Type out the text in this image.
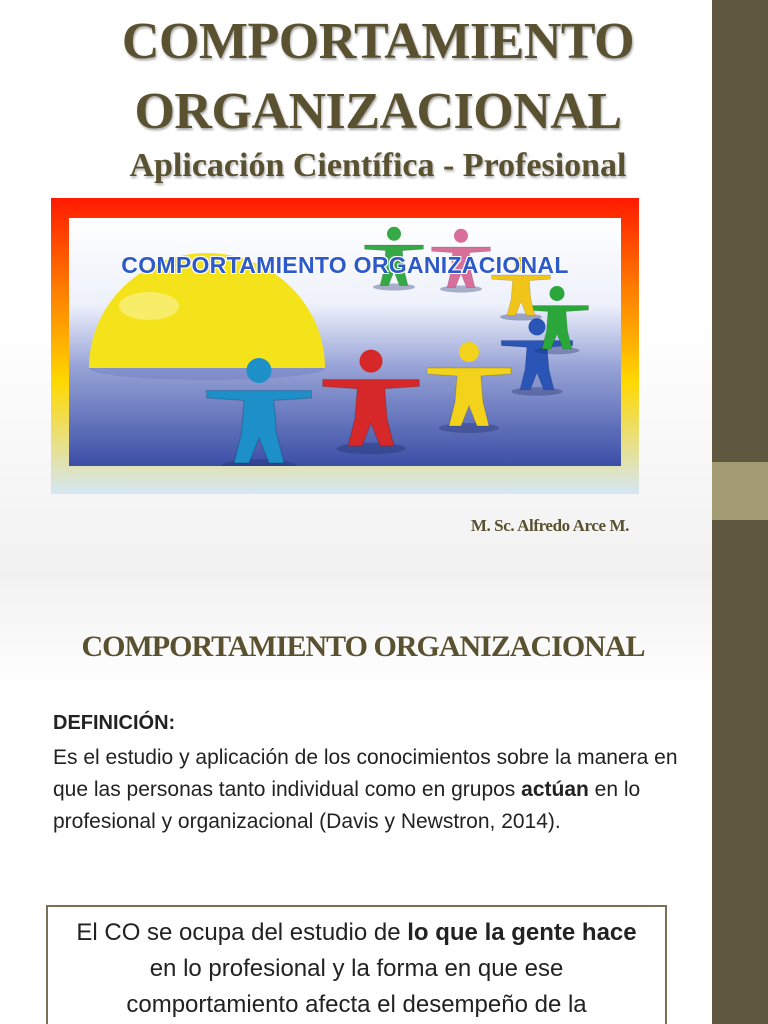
COMPORTAMIENTO
ORGANIZACIONAL
Aplicación Científica - Profesional
COMPORTAMIENTO ORGANIZACIONAL
M. Sc. Alfredo Arce M.
COMPORTAMIENTO ORGANIZACIONAL
DEFINICIÓN:

Es el estudio y aplicación de los conocimientos sobre la manera en que las personas tanto individual como en grupos actúan en lo profesional y organizacional (Davis y Newstron, 2014).

El CO se ocupa del estudio de lo que la gente hace en lo profesional y la forma en que ese comportamiento afecta el desempeño de la
